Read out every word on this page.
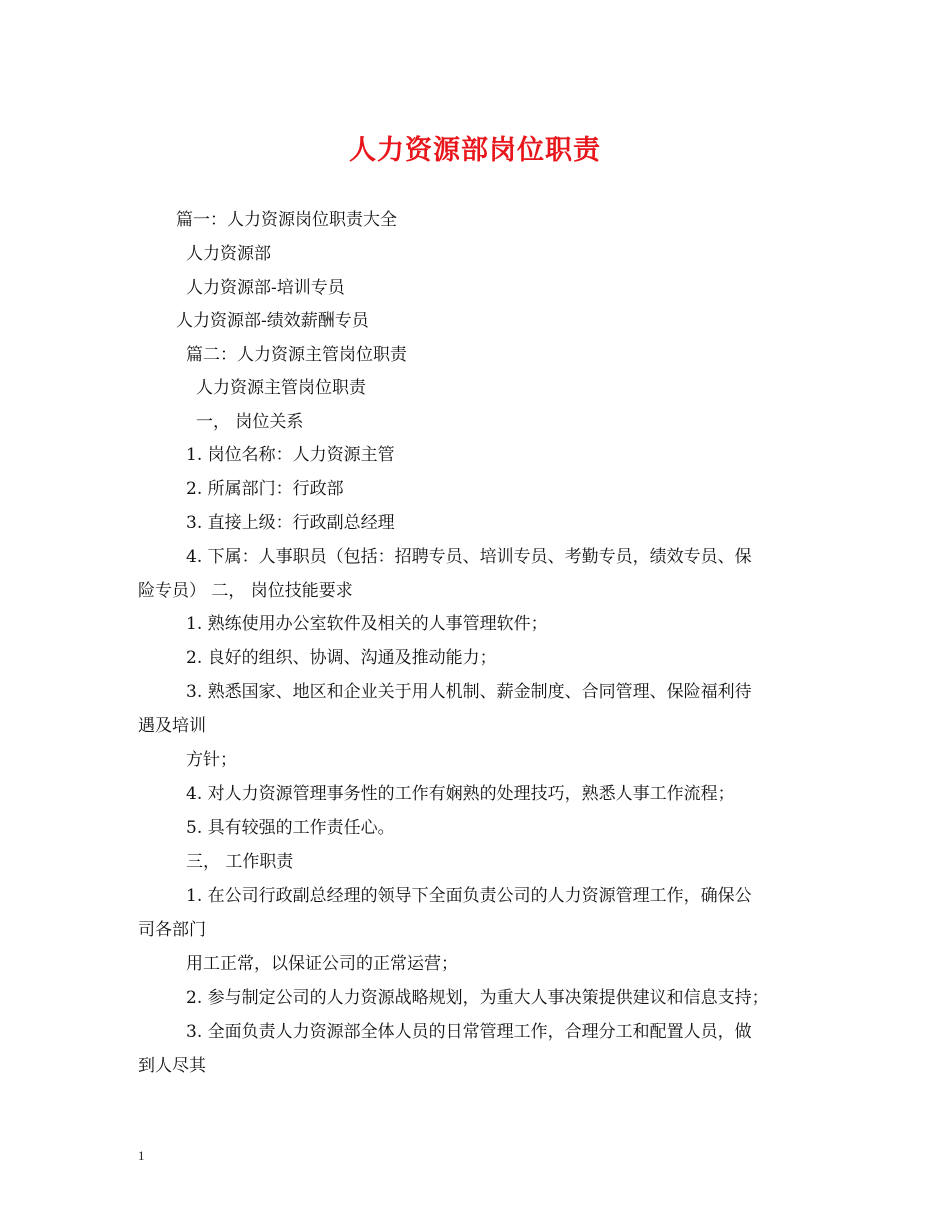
人力资源部岗位职责
篇一：人力资源岗位职责大全
人力资源部
人力资源部-培训专员
人力资源部-绩效薪酬专员
篇二：人力资源主管岗位职责
人力资源主管岗位职责
一， 岗位关系
1. 岗位名称：人力资源主管
2. 所属部门：行政部
3. 直接上级：行政副总经理
4. 下属：人事职员（包括：招聘专员、培训专员、考勤专员，绩效专员、保
险专员） 二， 岗位技能要求
1. 熟练使用办公室软件及相关的人事管理软件；
2. 良好的组织、协调、沟通及推动能力；
3. 熟悉国家、地区和企业关于用人机制、薪金制度、合同管理、保险福利待
遇及培训
方针；
4. 对人力资源管理事务性的工作有娴熟的处理技巧，熟悉人事工作流程；
5. 具有较强的工作责任心。
三， 工作职责
1. 在公司行政副总经理的领导下全面负责公司的人力资源管理工作，确保公
司各部门
用工正常，以保证公司的正常运营；
2. 参与制定公司的人力资源战略规划，为重大人事决策提供建议和信息支持；
3. 全面负责人力资源部全体人员的日常管理工作，合理分工和配置人员，做
到人尽其
1
